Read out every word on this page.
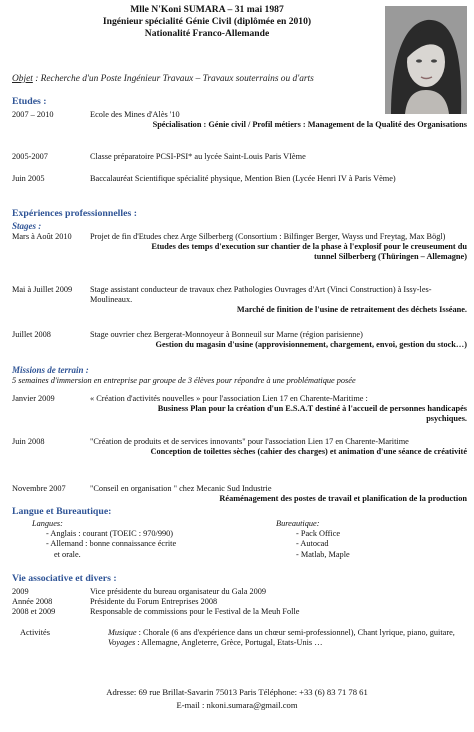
Mlle N'Koni SUMARA – 31 mai 1987
Ingénieur spécialité Génie Civil (diplômée en 2010)
Nationalité Franco-Allemande
Objet : Recherche d'un Poste Ingénieur Travaux – Travaux souterrains ou d'arts
Etudes :
2007 – 2010	Ecole des Mines d'Alès '10
Spécialisation : Génie civil / Profil métiers : Management de la Qualité des Organisations
2005-2007	Classe préparatoire PCSI-PSI* au lycée Saint-Louis Paris VIème
Juin 2005	Baccalauréat Scientifique spécialité physique, Mention Bien (Lycée Henri IV à Paris Vème)
Expériences professionnelles :
Stages :
Mars à Août 2010	Projet de fin d'Etudes chez Arge Silberberg (Consortium : Bilfinger Berger, Wayss und Freytag, Max Bögl)
Etudes des temps d'execution sur chantier de la phase à l'explosif pour le creuseument du tunnel Silberberg (Thüringen – Allemagne)
Mai à Juillet 2009	Stage assistant conducteur de travaux chez Pathologies Ouvrages d'Art (Vinci Construction) à Issy-les-Moulineaux.
Marché de finition de l'usine de retraitement des déchets Isséane.
Juillet 2008	Stage ouvrier chez Bergerat-Monnoyeur à Bonneuil sur Marne (région parisienne)
Gestion du magasin d'usine (approvisionnement, chargement, envoi, gestion du stock…)
Missions de terrain :
5 semaines d'immersion en entreprise par groupe de 3 élèves pour répondre à une problématique posée
Janvier 2009	« Création d'activités nouvelles » pour l'association Lien 17 en Charente-Maritime :
Business Plan pour la création d'un E.S.A.T destiné à l'accueil de personnes handicapés psychiques.
Juin 2008	"Création de produits et de services innovants" pour l'association Lien 17 en Charente-Maritime
Conception de toilettes sèches (cahier des charges) et animation d'une séance de créativité
Novembre 2007	"Conseil en organisation " chez Mecanic Sud Industrie
Réaménagement des postes de travail et planification de la production
Langue et Bureautique:
Langues:
- Anglais : courant (TOEIC : 970/990)
- Allemand : bonne connaissance écrite
et orale.
Bureautique:
- Pack Office
- Autocad
- Matlab, Maple
Vie associative et divers :
2009	Vice présidente du bureau organisateur du Gala 2009
Année 2008	Présidente du Forum Entreprises 2008
2008 et 2009	Responsable de commissions pour le Festival de la Meuh Folle
Activités	Musique : Chorale (6 ans d'expérience dans un chœur semi-professionnel), Chant lyrique, piano, guitare,
Voyages : Allemagne, Angleterre, Grèce, Portugal, Etats-Unis …
Adresse: 69 rue Brillat-Savarin 75013 Paris Téléphone: +33 (6) 83 71 78 61
E-mail : nkoni.sumara@gmail.com
